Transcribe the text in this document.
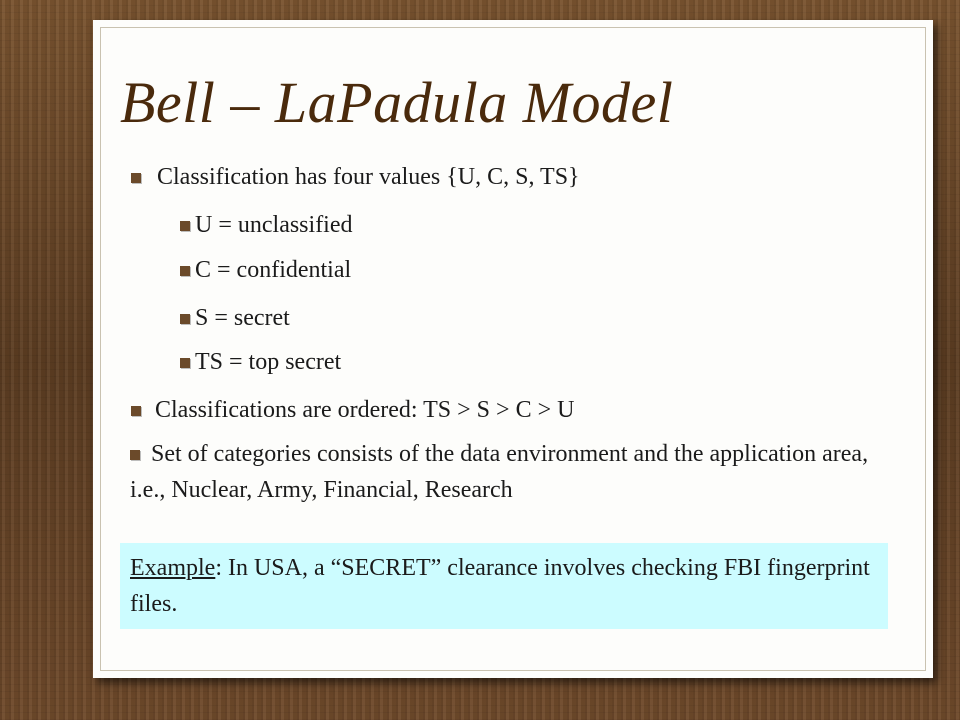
Bell – LaPadula Model
Classification has four values {U, C, S, TS}
U = unclassified
C = confidential
S = secret
TS = top secret
Classifications are ordered: TS > S > C > U
Set of categories consists of the data environment and the application area, i.e., Nuclear, Army, Financial, Research
Example: In USA, a “SECRET” clearance involves checking FBI fingerprint files.
